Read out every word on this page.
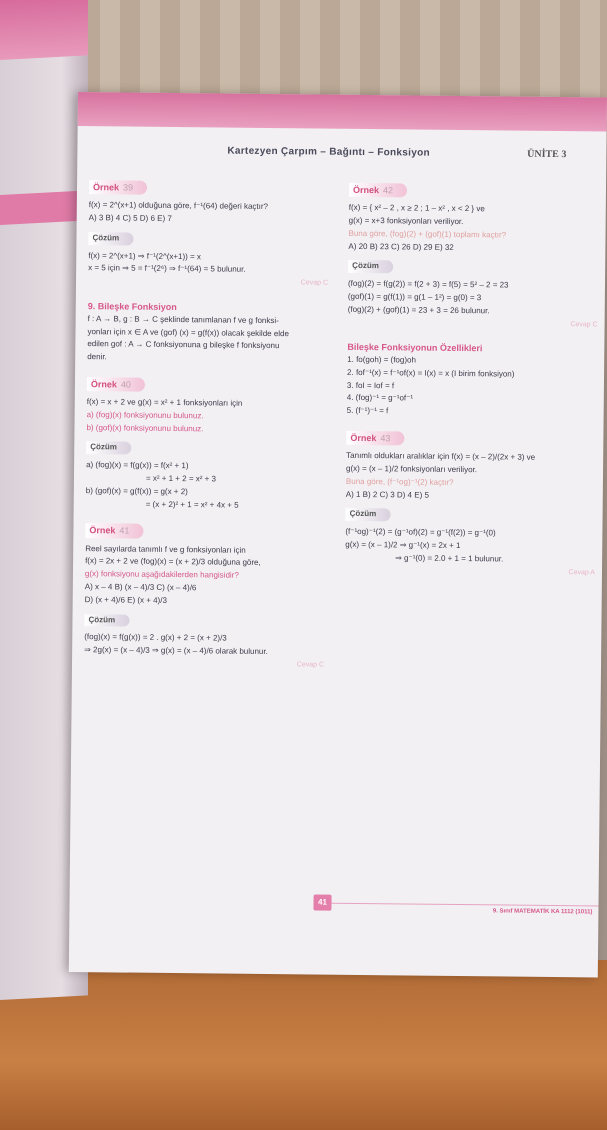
Kartezyen Çarpım – Bağıntı – Fonksiyon	ÜNİTE 3
Örnek 39
f(x) = 2^(x+1) olduğuna göre, f⁻¹(64) değeri kaçtır?
A) 3 B) 4 C) 5 D) 6 E) 7
Çözüm
f(x) = 2^(x+1) ⇒ f⁻¹(2^(x+1)) = x
x = 5 için ⇒ 5 = f⁻¹(2⁶) ⇒ f⁻¹(64) = 5 bulunur.
Cevap C
9. Bileşke Fonksiyon
f : A → B, g : B → C şeklinde tanımlanan f ve g fonksi-
yonları için x ∈ A ve (gof) (x) = g(f(x)) olacak şekilde elde
edilen gof : A → C fonksiyonuna g bileşke f fonksiyonu
denir.
Örnek 40
f(x) = x + 2 ve g(x) = x² + 1 fonksiyonları için
a) (fog)(x) fonksiyonunu bulunuz.
b) (gof)(x) fonksiyonunu bulunuz.
Çözüm
a) (fog)(x) = f(g(x)) = f(x² + 1)
= x² + 1 + 2 = x² + 3
b) (gof)(x) = g(f(x)) = g(x + 2)
= (x + 2)² + 1 = x² + 4x + 5
Örnek 41
Reel sayılarda tanımlı f ve g fonksiyonları için
f(x) = 2x + 2 ve (fog)(x) = (x + 2)/3 olduğuna göre,
g(x) fonksiyonu aşağıdakilerden hangisidir?
A) x – 4 B) (x – 4)/3 C) (x – 4)/6
D) (x + 4)/6 E) (x + 4)/3
Çözüm
(fog)(x) = f(g(x)) = 2 . g(x) + 2 = (x + 2)/3
⇒ 2g(x) = (x – 4)/3 ⇒ g(x) = (x – 4)/6 olarak bulunur.
Cevap C
Örnek 42
f(x) = { x² – 2 , x ≥ 2 ; 1 – x² , x < 2 } ve
g(x) = x+3 fonksiyonları veriliyor.
Buna göre, (fog)(2) + (gof)(1) toplamı kaçtır?
A) 20 B) 23 C) 26 D) 29 E) 32
Çözüm
(fog)(2) = f(g(2)) = f(2 + 3) = f(5) = 5² – 2 = 23
(gof)(1) = g(f(1)) = g(1 – 1²) = g(0) = 3
(fog)(2) + (gof)(1) = 23 + 3 = 26 bulunur.
Cevap C
Bileşke Fonksiyonun Özellikleri
1. fo(goh) = (fog)oh
2. fof⁻¹(x) = f⁻¹of(x) = I(x) = x (I birim fonksiyon)
3. foI = Iof = f
4. (fog)⁻¹ = g⁻¹of⁻¹
5. (f⁻¹)⁻¹ = f
Örnek 43
Tanımlı oldukları aralıklar için f(x) = (x – 2)/(2x + 3) ve
g(x) = (x – 1)/2 fonksiyonları veriliyor.
Buna göre, (f⁻¹og)⁻¹(2) kaçtır?
A) 1 B) 2 C) 3 D) 4 E) 5
Çözüm
(f⁻¹og)⁻¹(2) = (g⁻¹of)(2) = g⁻¹(f(2)) = g⁻¹(0)
g(x) = (x – 1)/2 ⇒ g⁻¹(x) = 2x + 1
⇒ g⁻¹(0) = 2.0 + 1 = 1 bulunur.
Cevap A
41
9. Sınıf MATEMATİK KA 1112 (1011)
